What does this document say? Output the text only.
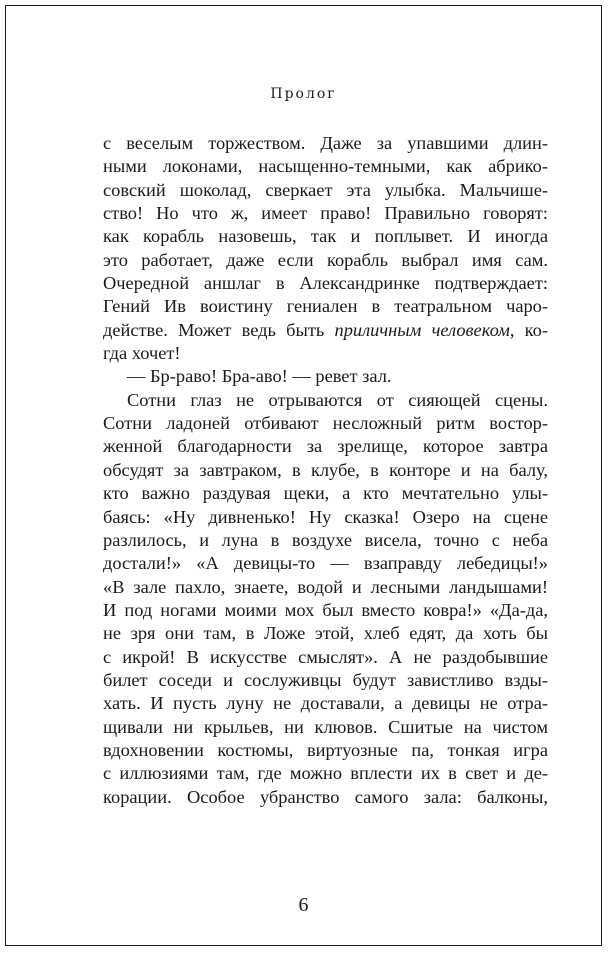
Пролог
с веселым торжеством. Даже за упавшими длин-
ными локонами, насыщенно-темными, как абрико-
совский шоколад, сверкает эта улыбка. Мальчише-
ство! Но что ж, имеет право! Правильно говорят:
как корабль назовешь, так и поплывет. И иногда
это работает, даже если корабль выбрал имя сам.
Очередной аншлаг в Александринке подтверждает:
Гений Ив воистину гениален в театральном чаро-
действе. Может ведь быть приличным человеком, ко-
гда хочет!
— Бр-раво! Бра-аво! — ревет зал.
Сотни глаз не отрываются от сияющей сцены.
Сотни ладоней отбивают несложный ритм востор-
женной благодарности за зрелище, которое завтра
обсудят за завтраком, в клубе, в конторе и на балу,
кто важно раздувая щеки, а кто мечтательно улы-
баясь: «Ну дивненько! Ну сказка! Озеро на сцене
разлилось, и луна в воздухе висела, точно с неба
достали!» «А девицы-то — взаправду лебедицы!»
«В зале пахло, знаете, водой и лесными ландышами!
И под ногами моими мох был вместо ковра!» «Да-да,
не зря они там, в Ложе этой, хлеб едят, да хоть бы
с икрой! В искусстве смыслят». А не раздобывшие
билет соседи и сослуживцы будут завистливо взды-
хать. И пусть луну не доставали, а девицы не отра-
щивали ни крыльев, ни клювов. Сшитые на чистом
вдохновении костюмы, виртуозные па, тонкая игра
с иллюзиями там, где можно вплести их в свет и де-
корации. Особое убранство самого зала: балконы,
6
